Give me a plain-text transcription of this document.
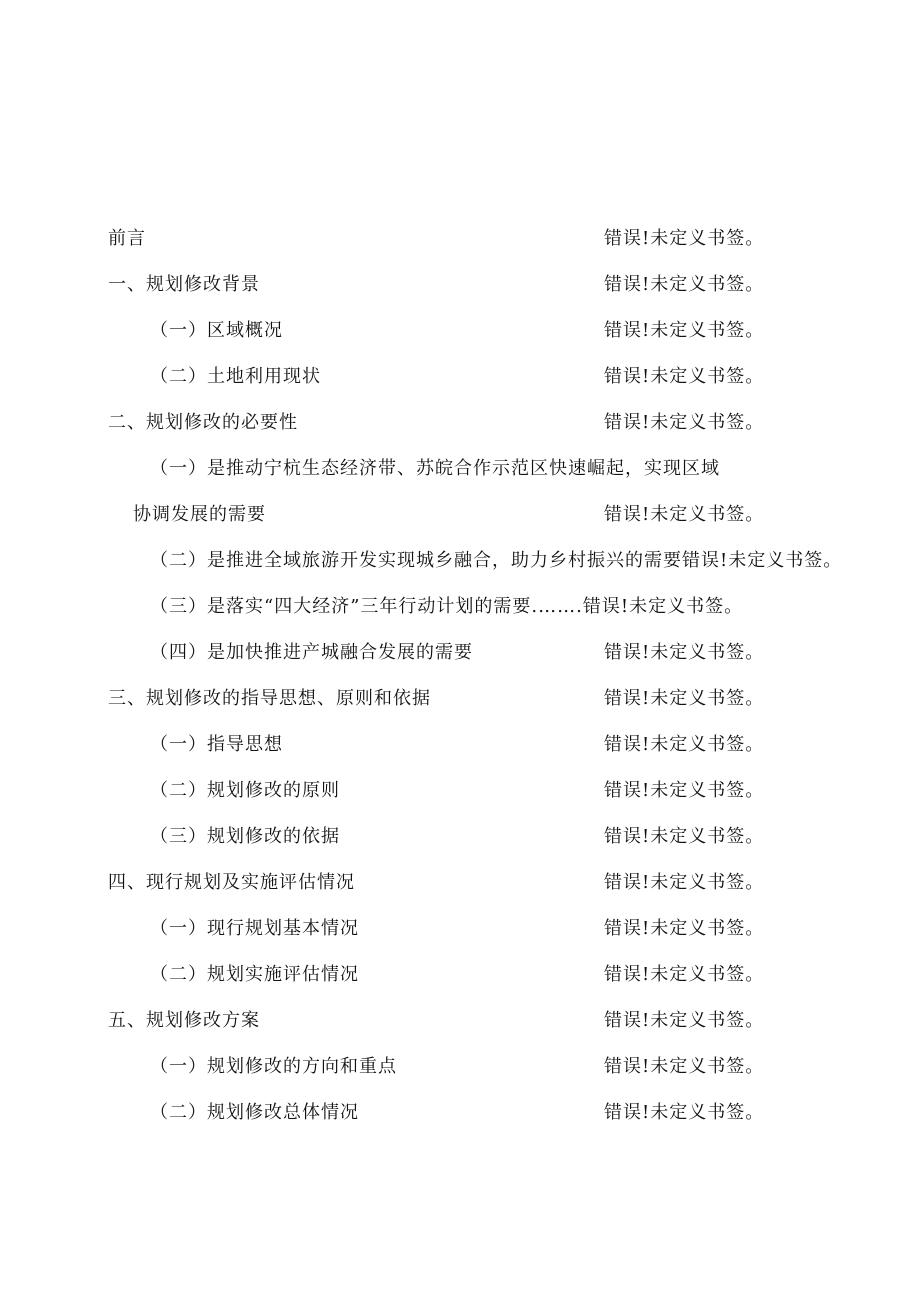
前言	错误!未定义书签。
一、规划修改背景	错误!未定义书签。
（一）区域概况	错误!未定义书签。
（二）土地利用现状	错误!未定义书签。
二、规划修改的必要性	错误!未定义书签。
（一）是推动宁杭生态经济带、苏皖合作示范区快速崛起，实现区域
协调发展的需要	错误!未定义书签。
（二）是推进全域旅游开发实现城乡融合，助力乡村振兴的需要错误!未定义书签。
（三）是落实“四大经济”三年行动计划的需要.…….错误!未定义书签。
（四）是加快推进产城融合发展的需要	错误!未定义书签。
三、规划修改的指导思想、原则和依据	错误!未定义书签。
（一）指导思想	错误!未定义书签。
（二）规划修改的原则	错误!未定义书签。
（三）规划修改的依据	错误!未定义书签。
四、现行规划及实施评估情况	错误!未定义书签。
（一）现行规划基本情况	错误!未定义书签。
（二）规划实施评估情况	错误!未定义书签。
五、规划修改方案	错误!未定义书签。
（一）规划修改的方向和重点	错误!未定义书签。
（二）规划修改总体情况	错误!未定义书签。
